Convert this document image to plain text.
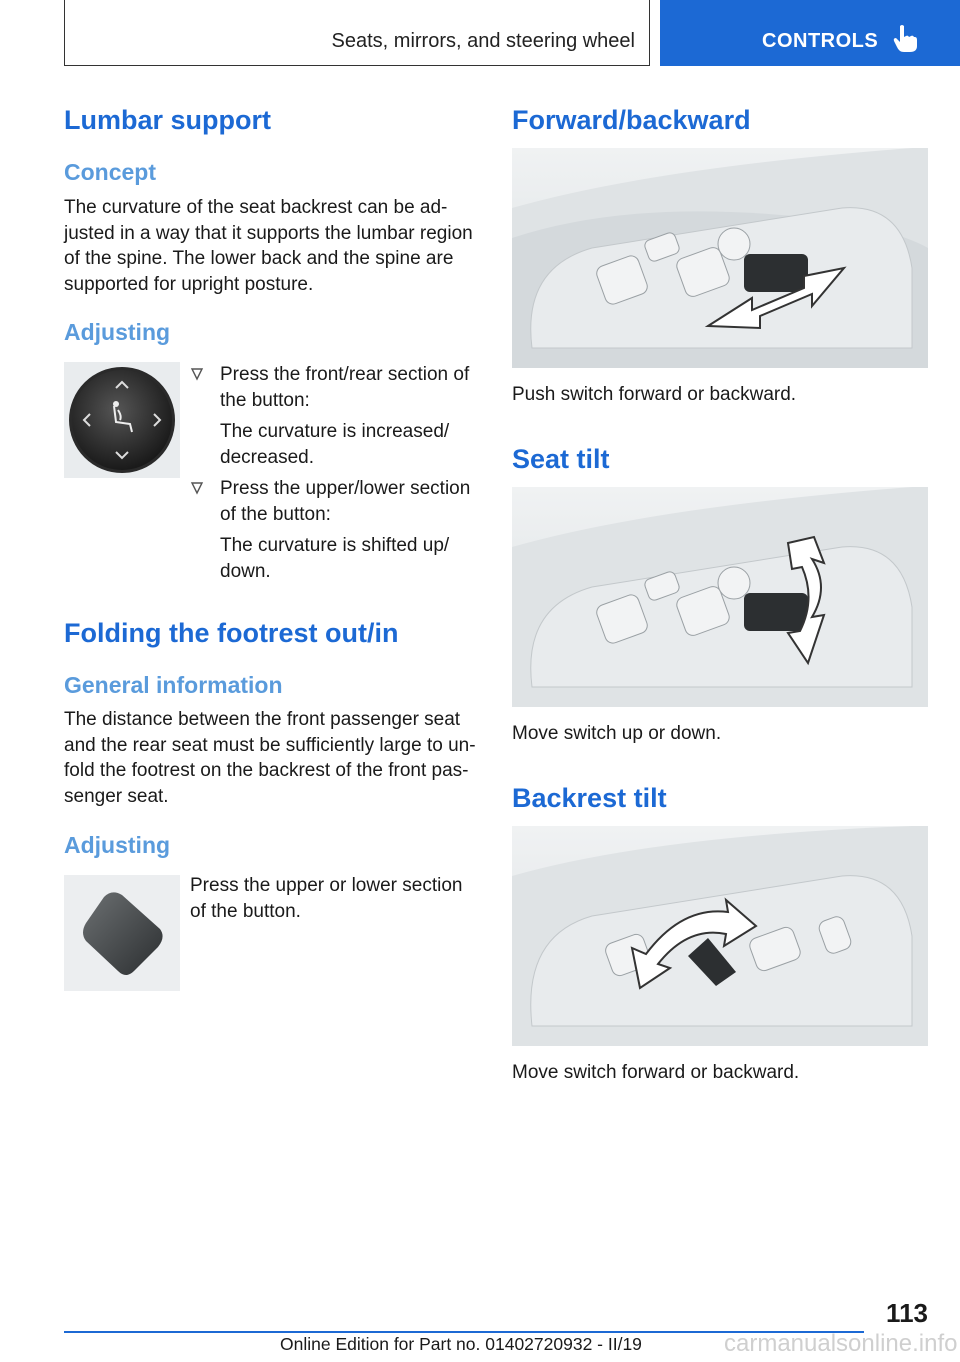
Seats, mirrors, and steering wheel	CONTROLS
Lumbar support
Concept

The curvature of the seat backrest can be ad-
justed in a way that it supports the lumbar region
of the spine. The lower back and the spine are
supported for upright posture.

Adjusting
Press the front/rear section of
the button:
The curvature is increased/
decreased.
Press the upper/lower section
of the button:
The curvature is shifted up/
down.
Folding the footrest out/in
General information

The distance between the front passenger seat
and the rear seat must be sufficiently large to un-
fold the footrest on the backrest of the front pas-
senger seat.

Adjusting

Press the upper or lower section
of the button.

Forward/backward

Push switch forward or backward.

Seat tilt

Move switch up or down.

Backrest tilt

Move switch forward or backward.

113
Online Edition for Part no. 01402720932 - II/19	carmanualsonline.info
